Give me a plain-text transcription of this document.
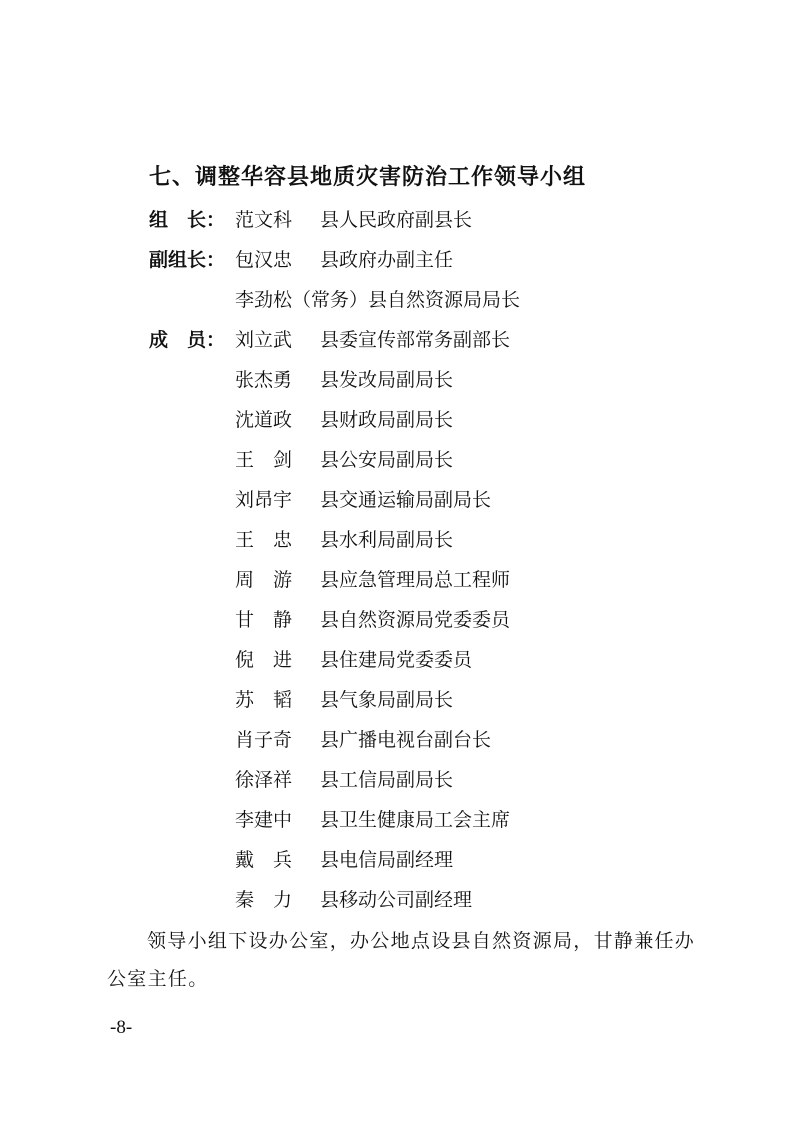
七、调整华容县地质灾害防治工作领导小组
组　长： 范文科 县人民政府副县长
副组长： 包汉忠 县政府办副主任
李劲松（常务）县自然资源局局长
成　员： 刘立武 县委宣传部常务副部长
张杰勇 县发改局副局长
沈道政 县财政局副局长
王　剑 县公安局副局长
刘昂宇 县交通运输局副局长
王　忠 县水利局副局长
周　游 县应急管理局总工程师
甘　静 县自然资源局党委委员
倪　进 县住建局党委委员
苏　韬 县气象局副局长
肖子奇 县广播电视台副台长
徐泽祥 县工信局副局长
李建中 县卫生健康局工会主席
戴　兵 县电信局副经理
秦　力 县移动公司副经理
领导小组下设办公室，办公地点设县自然资源局，甘静兼任办公室主任。
-8-
